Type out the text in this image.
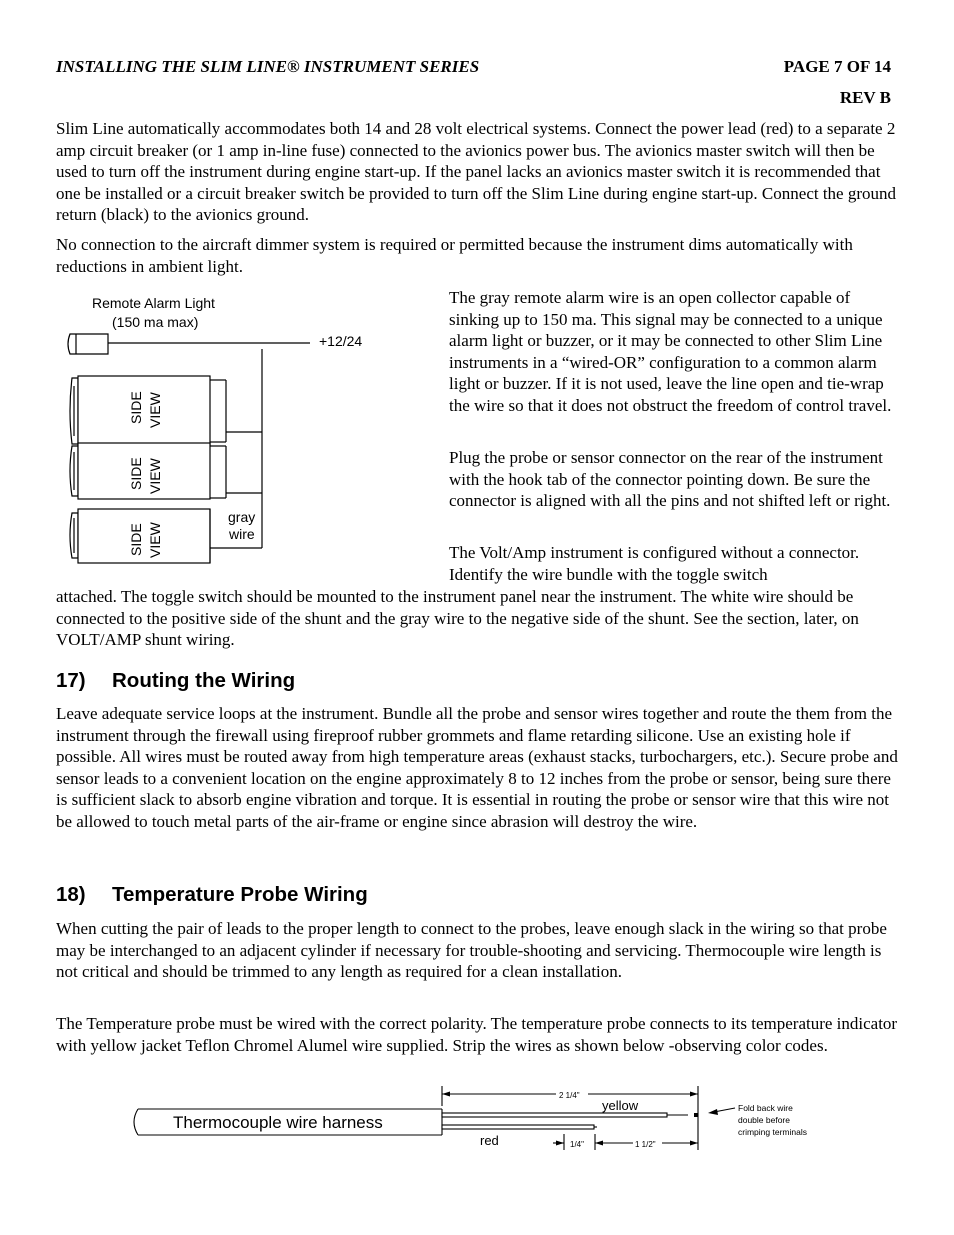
INSTALLING THE SLIM LINE® INSTRUMENT SERIES	PAGE 7 OF 14
REV B

Slim Line automatically accommodates both 14 and 28 volt electrical systems. Connect the power lead (red) to a separate 2 amp circuit breaker (or 1 amp in-line fuse) connected to the avionics power bus. The avionics master switch will then be used to turn off the instrument during engine start-up. If the panel lacks an avionics master switch it is recommended that one be installed or a circuit breaker switch be provided to turn off the Slim Line during engine start-up. Connect the ground return (black) to the avionics ground.

No connection to the aircraft dimmer system is required or permitted because the instrument dims automatically with reductions in ambient light.

Remote Alarm Light
(150 ma max)
+12/24
SIDE VIEW
SIDE VIEW
SIDE VIEW
gray
wire

The gray remote alarm wire is an open collector capable of sinking up to 150 ma. This signal may be connected to a unique alarm light or buzzer, or it may be connected to other Slim Line instruments in a “wired-OR” configuration to a common alarm light or buzzer. If it is not used, leave the line open and tie-wrap the wire so that it does not obstruct the freedom of control travel.

Plug the probe or sensor connector on the rear of the instrument with the hook tab of the connector pointing down. Be sure the connector is aligned with all the pins and not shifted left or right.

The Volt/Amp instrument is configured without a connector. Identify the wire bundle with the toggle switch

attached. The toggle switch should be mounted to the instrument panel near the instrument. The white wire should be connected to the positive side of the shunt and the gray wire to the negative side of the shunt. See the section, later, on VOLT/AMP shunt wiring.

17) Routing the Wiring

Leave adequate service loops at the instrument. Bundle all the probe and sensor wires together and route the them from the instrument through the firewall using fireproof rubber grommets and flame retarding silicone. Use an existing hole if possible. All wires must be routed away from high temperature areas (exhaust stacks, turbochargers, etc.). Secure probe and sensor leads to a convenient location on the engine approximately 8 to 12 inches from the probe or sensor, being sure there is sufficient slack to absorb engine vibration and torque. It is essential in routing the probe or sensor wire that this wire not be allowed to touch metal parts of the air-frame or engine since abrasion will destroy the wire.

18) Temperature Probe Wiring

When cutting the pair of leads to the proper length to connect to the probes, leave enough slack in the wiring so that probe may be interchanged to an adjacent cylinder if necessary for trouble-shooting and servicing. Thermocouple wire length is not critical and should be trimmed to any length as required for a clean installation.

The Temperature probe must be wired with the correct polarity. The temperature probe connects to its temperature indicator with yellow jacket Teflon Chromel Alumel wire supplied. Strip the wires as shown below -observing color codes.

Thermocouple wire harness
2 1/4"
yellow
red	1/4"	1 1/2"
Fold back wire
double before
crimping terminals
